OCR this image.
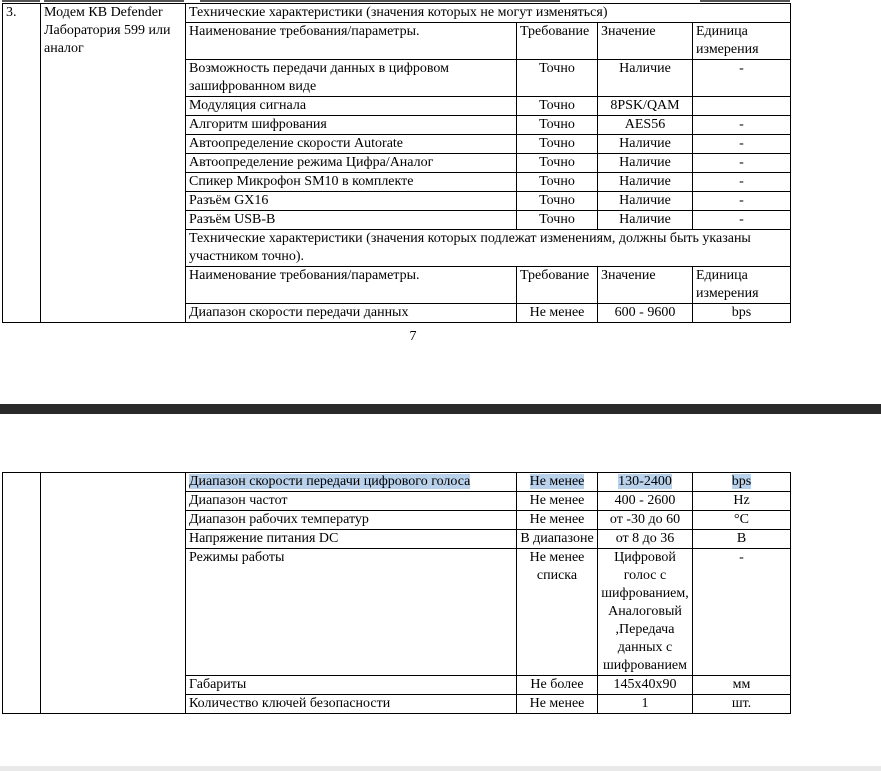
3.	Модем КВ Defender Лаборатория 599 или аналог	Технические характеристики (значения которых не могут изменяться)			
		Наименование требования/параметры.	Требование	Значение	Единица измерения
		Возможность передачи данных в цифровом зашифрованном виде	Точно	Наличие	-
		Модуляция сигнала	Точно	8PSK/QAM	
		Алгоритм шифрования	Точно	AES56	-
		Автоопределение скорости Autorate	Точно	Наличие	-
		Автоопределение режима Цифра/Аналог	Точно	Наличие	-
		Спикер Микрофон SM10 в комплекте	Точно	Наличие	-
		Разъём GX16	Точно	Наличие	-
		Разъём USB-B	Точно	Наличие	-
		Технические характеристики (значения которых подлежат изменениям, должны быть указаны участником точно).			
		Наименование требования/параметры.	Требование	Значение	Единица измерения
		Диапазон скорости передачи данных	Не менее	600 - 9600	bps
7
		Диапазон скорости передачи цифрового голоса	Не менее	130-2400	bps
		Диапазон частот	Не менее	400 - 2600	Hz
		Диапазон рабочих температур	Не менее	от -30 до 60	°С
		Напряжение питания DC	В диапазоне	от 8 до 36	В
		Режимы работы	Не менее списка	Цифровой голос с шифрованием, Аналоговый ,Передача данных с шифрованием	-
		Габариты	Не более	145x40x90	мм
		Количество ключей безопасности	Не менее	1	шт.
